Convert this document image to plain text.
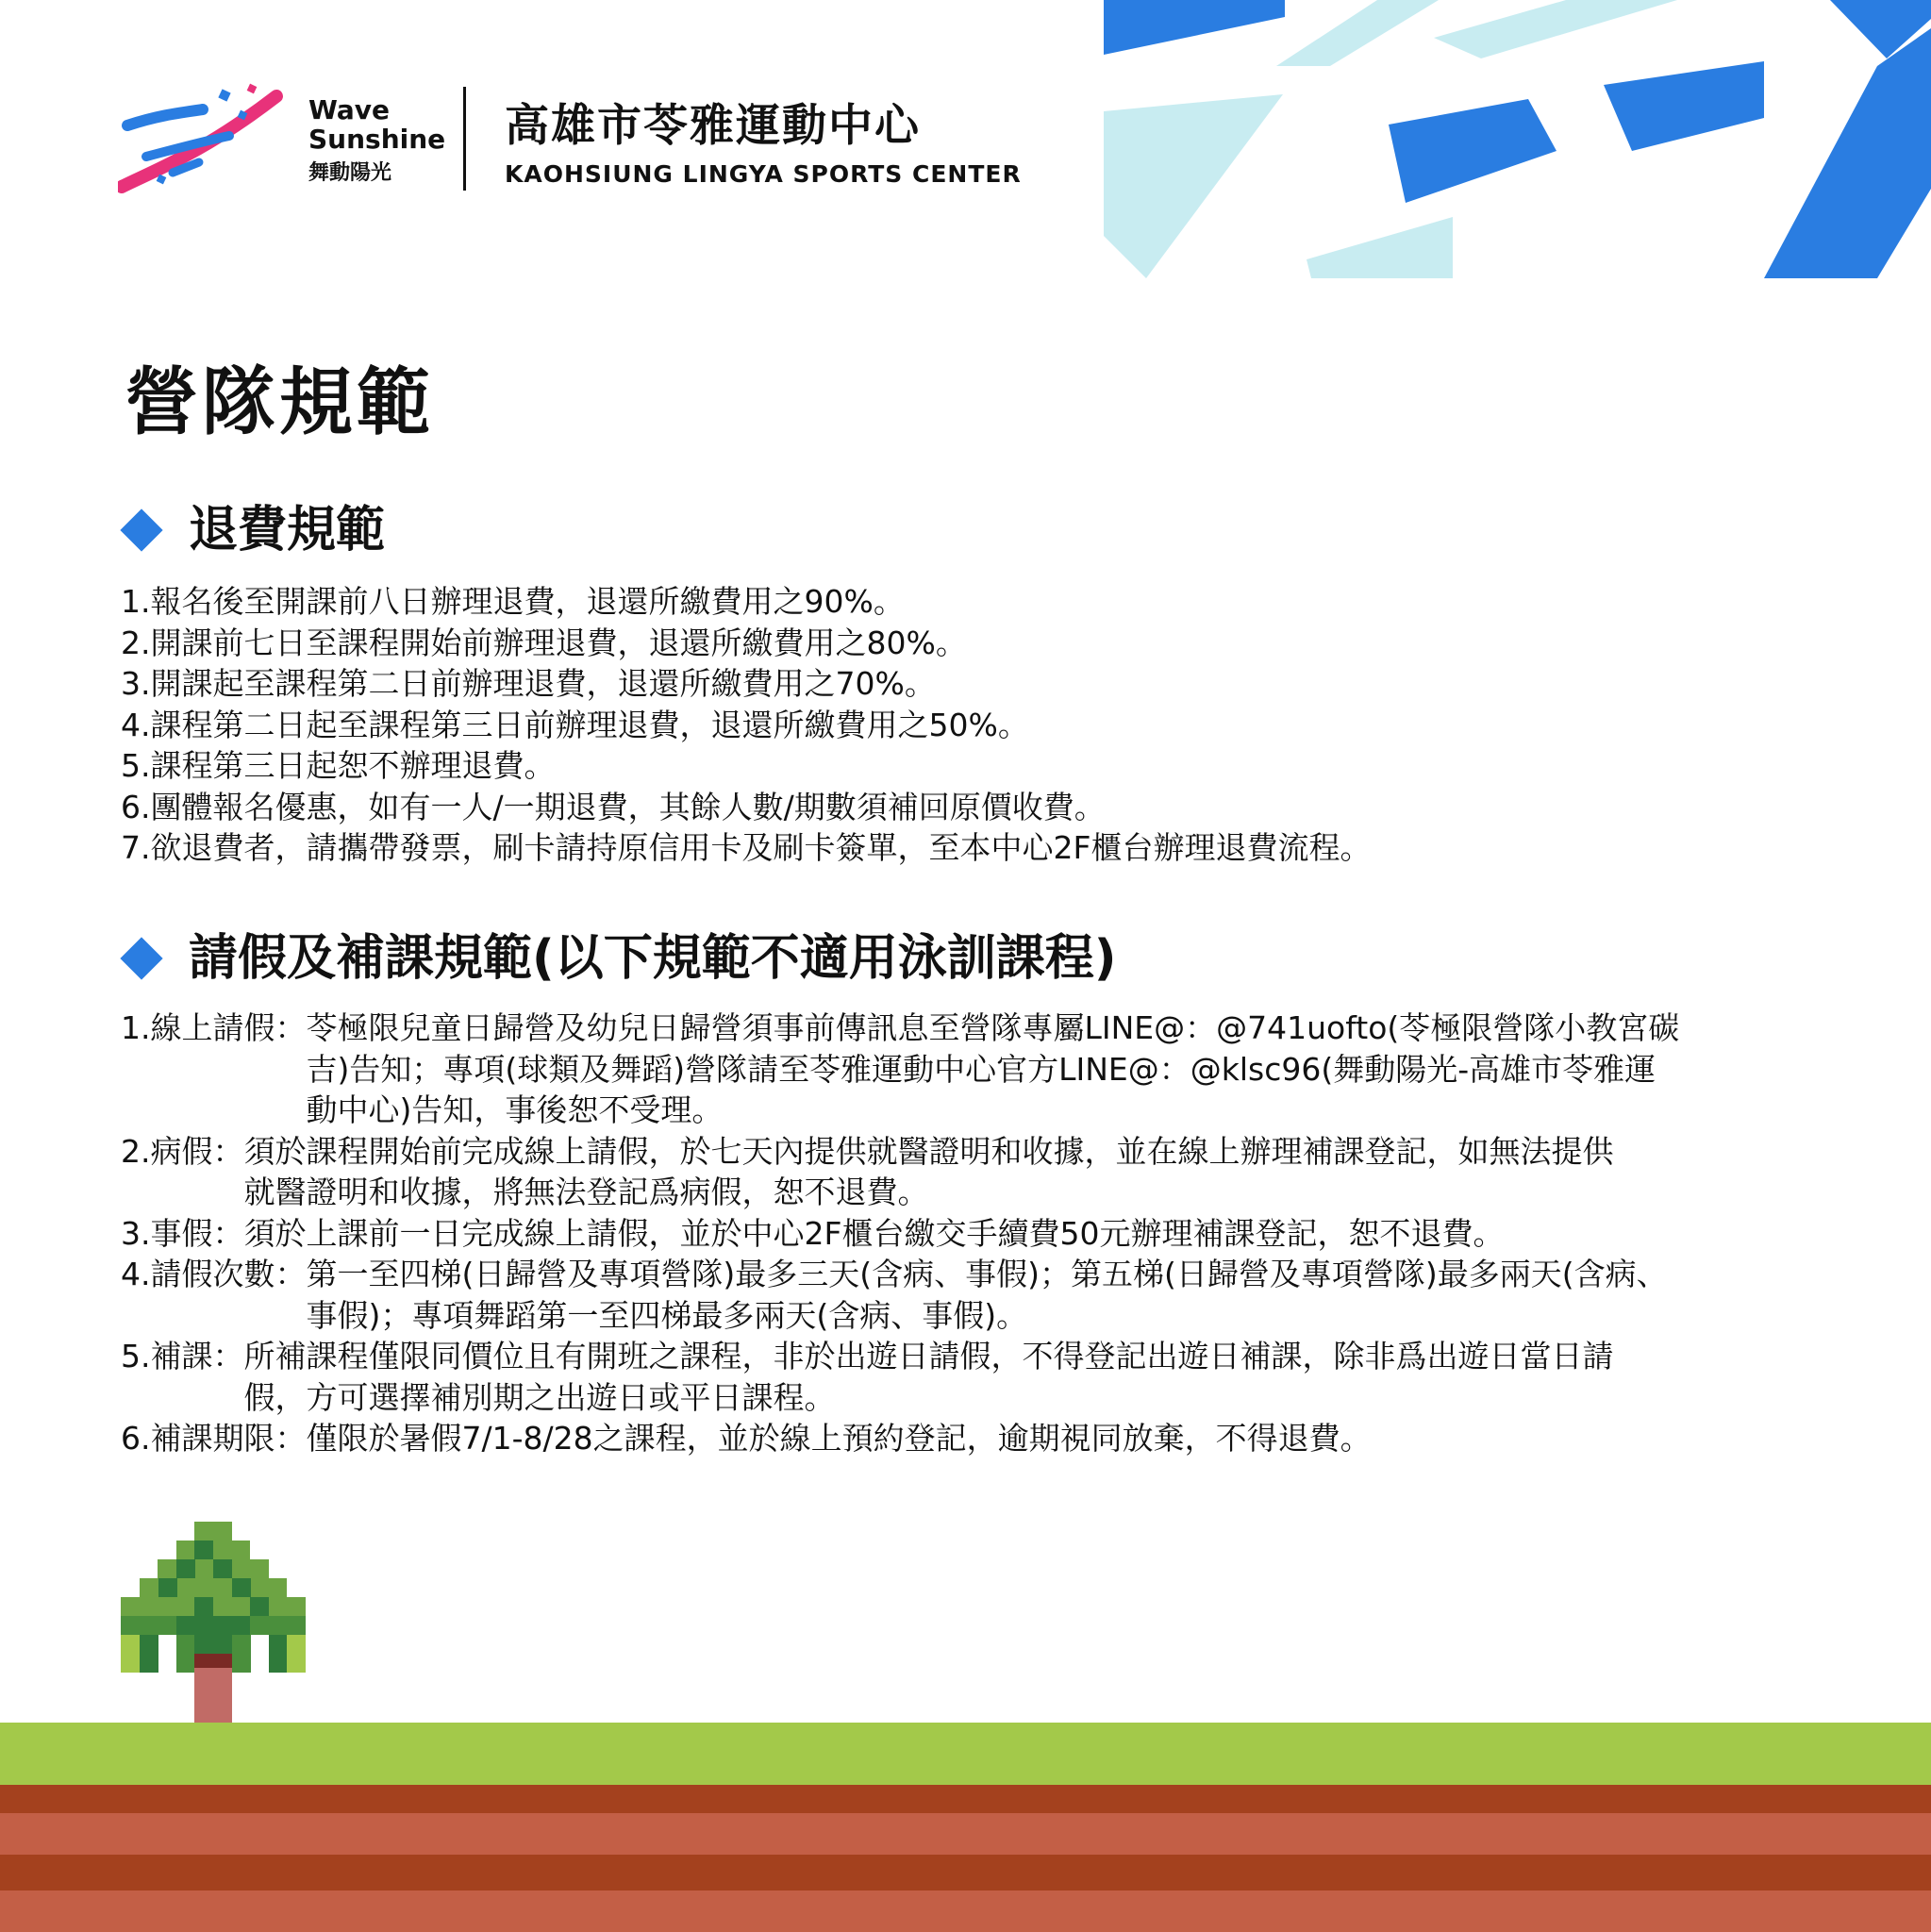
Wave
Sunshine
舞動陽光
高雄市苓雅運動中心
KAOHSIUNG LINGYA SPORTS CENTER
營隊規範
退費規範
1.報名後至開課前八日辦理退費，退還所繳費用之90%。
2.開課前七日至課程開始前辦理退費，退還所繳費用之80%。
3.開課起至課程第二日前辦理退費，退還所繳費用之70%。
4.課程第二日起至課程第三日前辦理退費，退還所繳費用之50%。
5.課程第三日起恕不辦理退費。
6.團體報名優惠，如有一人/一期退費，其餘人數/期數須補回原價收費。
7.欲退費者，請攜帶發票，刷卡請持原信用卡及刷卡簽單，至本中心2F櫃台辦理退費流程。
請假及補課規範(以下規範不適用泳訓課程)
1.線上請假： 苓極限兒童日歸營及幼兒日歸營須事前傳訊息至營隊專屬LINE@：@741uofto(苓極限營隊小教宮碳
吉)告知；專項(球類及舞蹈)營隊請至苓雅運動中心官方LINE@：@klsc96(舞動陽光-高雄市苓雅運
動中心)告知，事後恕不受理。
2.病假： 須於課程開始前完成線上請假，於七天內提供就醫證明和收據，並在線上辦理補課登記，如無法提供
就醫證明和收據，將無法登記爲病假，恕不退費。
3.事假： 須於上課前一日完成線上請假，並於中心2F櫃台繳交手續費50元辦理補課登記，恕不退費。
4.請假次數： 第一至四梯(日歸營及專項營隊)最多三天(含病、事假)；第五梯(日歸營及專項營隊)最多兩天(含病、
事假)；專項舞蹈第一至四梯最多兩天(含病、事假)。
5.補課： 所補課程僅限同價位且有開班之課程，非於出遊日請假，不得登記出遊日補課，除非爲出遊日當日請
假，方可選擇補別期之出遊日或平日課程。
6.補課期限： 僅限於暑假7/1-8/28之課程，並於線上預約登記，逾期視同放棄，不得退費。
